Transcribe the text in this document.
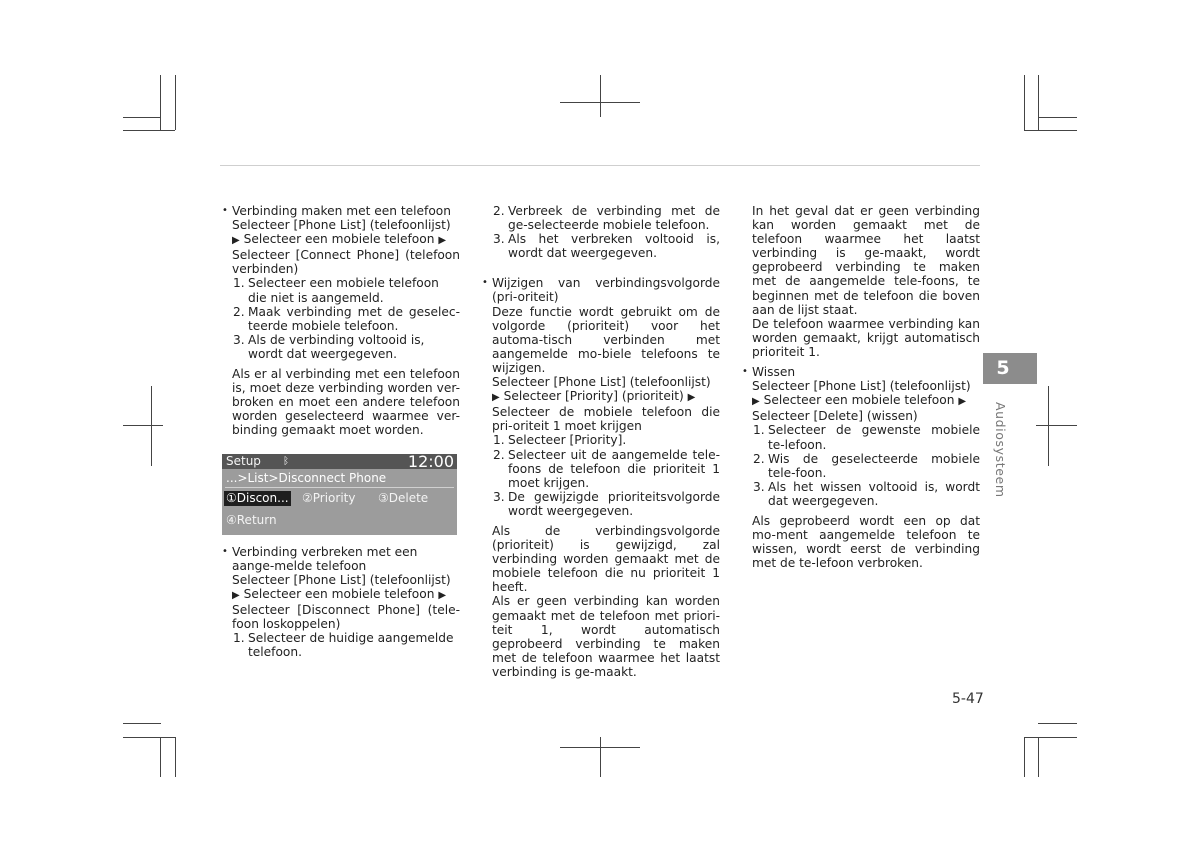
• Verbinding maken met een telefoon

Selecteer [Phone List] (telefoonlijst)

▶ Selecteer een mobiele telefoon ▶

Selecteer [Connect Phone] (telefoon verbinden)

1. Selecteer een mobiele telefoon die niet is aangemeld.

2. Maak verbinding met de geselec-teerde mobiele telefoon.

3. Als de verbinding voltooid is, wordt dat weergegeven.

Als er al verbinding met een telefoon is, moet deze verbinding worden ver-broken en moet een andere telefoon worden geselecteerd waarmee ver-binding gemaakt moet worden.

Setup ᛒ	12:00
...>List>Disconnect Phone
①Discon... ②Priority ③Delete
④Return

• Verbinding verbreken met een aange-melde telefoon

Selecteer [Phone List] (telefoonlijst)

▶ Selecteer een mobiele telefoon ▶

Selecteer [Disconnect Phone] (tele-foon loskoppelen)

1. Selecteer de huidige aangemelde telefoon.

2. Verbreek de verbinding met de ge-selecteerde mobiele telefoon.

3. Als het verbreken voltooid is, wordt dat weergegeven.

• Wijzigen van verbindingsvolgorde (pri-oriteit)

Deze functie wordt gebruikt om de volgorde (prioriteit) voor het automa-tisch verbinden met aangemelde mo-biele telefoons te wijzigen.

Selecteer [Phone List] (telefoonlijst)

▶ Selecteer [Priority] (prioriteit) ▶

Selecteer de mobiele telefoon die pri-oriteit 1 moet krijgen

1. Selecteer [Priority].

2. Selecteer uit de aangemelde tele-foons de telefoon die prioriteit 1 moet krijgen.

3. De gewijzigde prioriteitsvolgorde wordt weergegeven.

Als de verbindingsvolgorde (prioriteit) is gewijzigd, zal verbinding worden gemaakt met de mobiele telefoon die nu prioriteit 1 heeft.

Als er geen verbinding kan worden gemaakt met de telefoon met priori-teit 1, wordt automatisch geprobeerd verbinding te maken met de telefoon waarmee het laatst verbinding is ge-maakt.

In het geval dat er geen verbinding kan worden gemaakt met de telefoon waarmee het laatst verbinding is ge-maakt, wordt geprobeerd verbinding te maken met de aangemelde tele-foons, te beginnen met de telefoon die boven aan de lijst staat.

De telefoon waarmee verbinding kan worden gemaakt, krijgt automatisch prioriteit 1.

• Wissen

Selecteer [Phone List] (telefoonlijst)

▶ Selecteer een mobiele telefoon ▶

Selecteer [Delete] (wissen)

1. Selecteer de gewenste mobiele te-lefoon.

2. Wis de geselecteerde mobiele tele-foon.

3. Als het wissen voltooid is, wordt dat weergegeven.

Als geprobeerd wordt een op dat mo-ment aangemelde telefoon te wissen, wordt eerst de verbinding met de te-lefoon verbroken.

5
Audiosysteem
5-47
